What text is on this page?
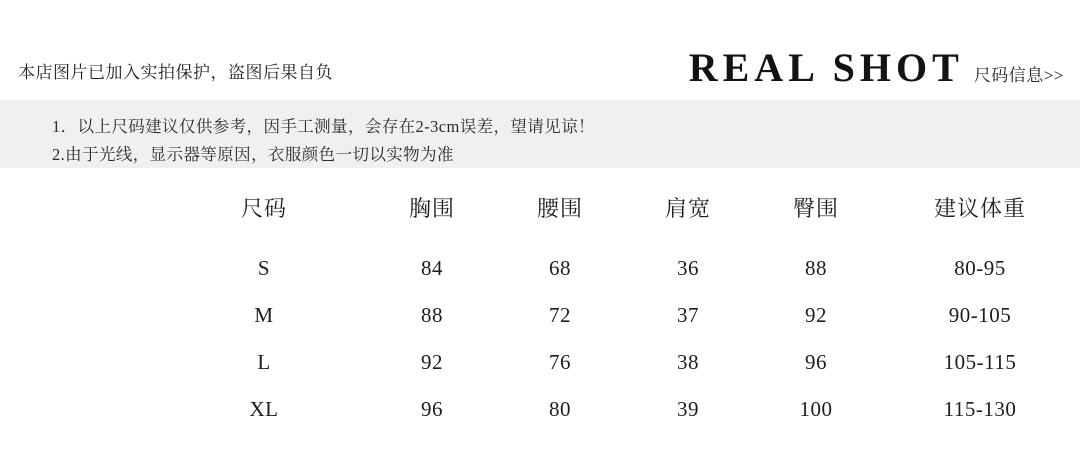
本店图片已加入实拍保护，盗图后果自负	REAL SHOT 尺码信息>>
1．以上尺码建议仅供参考，因手工测量，会存在2-3cm误差，望请见谅！
2.由于光线，显示器等原因，衣服颜色一切以实物为准
	尺码	胸围	腰围	肩宽	臀围	建议体重
	S	84	68	36	88	80-95
	M	88	72	37	92	90-105
	L	92	76	38	96	105-115
	XL	96	80	39	100	115-130
